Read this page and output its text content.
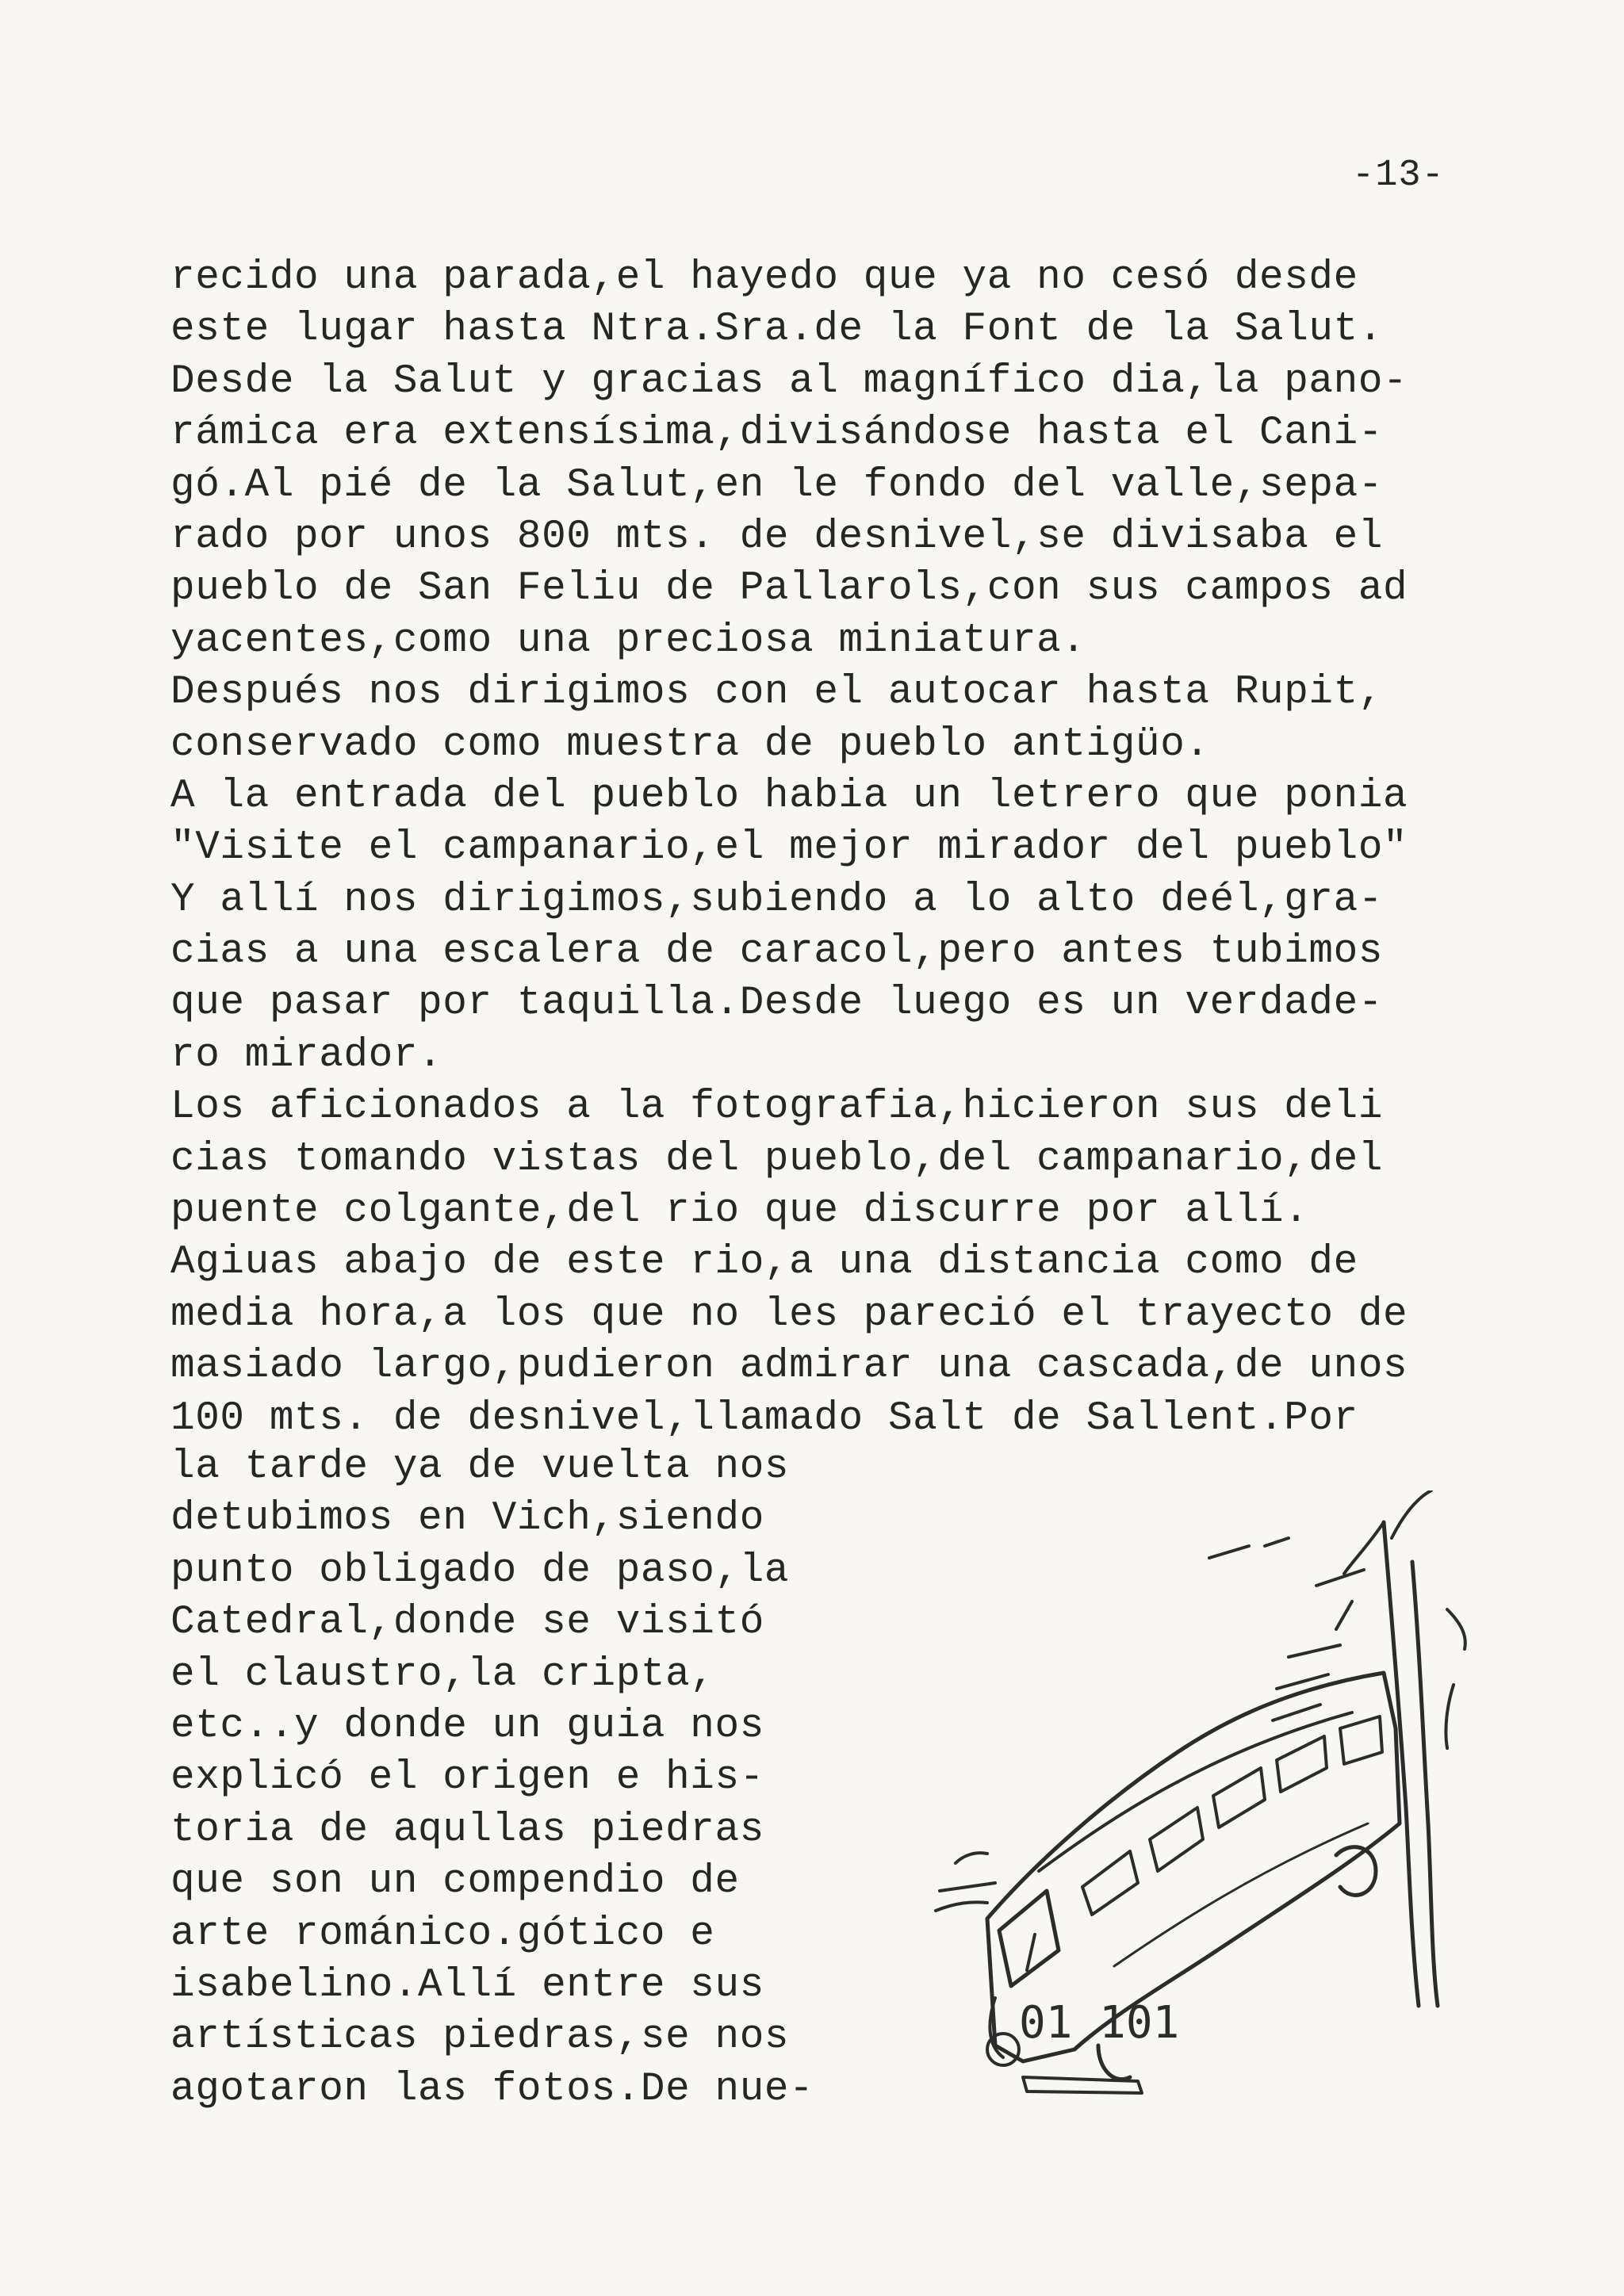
-13-
recido una parada,el hayedo que ya no cesó desde
este lugar hasta Ntra.Sra.de la Font de la Salut.
Desde la Salut y gracias al magnífico dia,la pano-
rámica era extensísima,divisándose hasta el Cani-
gó.Al pié de la Salut,en le fondo del valle,sepa-
rado por unos 800 mts. de desnivel,se divisaba el
pueblo de San Feliu de Pallarols,con sus campos ad
yacentes,como una preciosa miniatura.
Después nos dirigimos con el autocar hasta Rupit,
conservado como muestra de pueblo antigüo.
A la entrada del pueblo habia un letrero que ponia
"Visite el campanario,el mejor mirador del pueblo"
Y allí nos dirigimos,subiendo a lo alto deél,gra-
cias a una escalera de caracol,pero antes tubimos
que pasar por taquilla.Desde luego es un verdade-
ro mirador.
Los aficionados a la fotografia,hicieron sus deli
cias tomando vistas del pueblo,del campanario,del
puente colgante,del rio que discurre por allí.
Agiuas abajo de este rio,a una distancia como de
media hora,a los que no les pareció el trayecto de
masiado largo,pudieron admirar una cascada,de unos
100 mts. de desnivel,llamado Salt de Sallent.Por
la tarde ya de vuelta nos
detubimos en Vich,siendo
punto obligado de paso,la
Catedral,donde se visitó
el claustro,la cripta,
etc..y donde un guia nos
explicó el origen e his-
toria de aqullas piedras
que son un compendio de
arte románico.gótico e
isabelino.Allí entre sus
artísticas piedras,se nos
agotaron las fotos.De nue-
01 101
